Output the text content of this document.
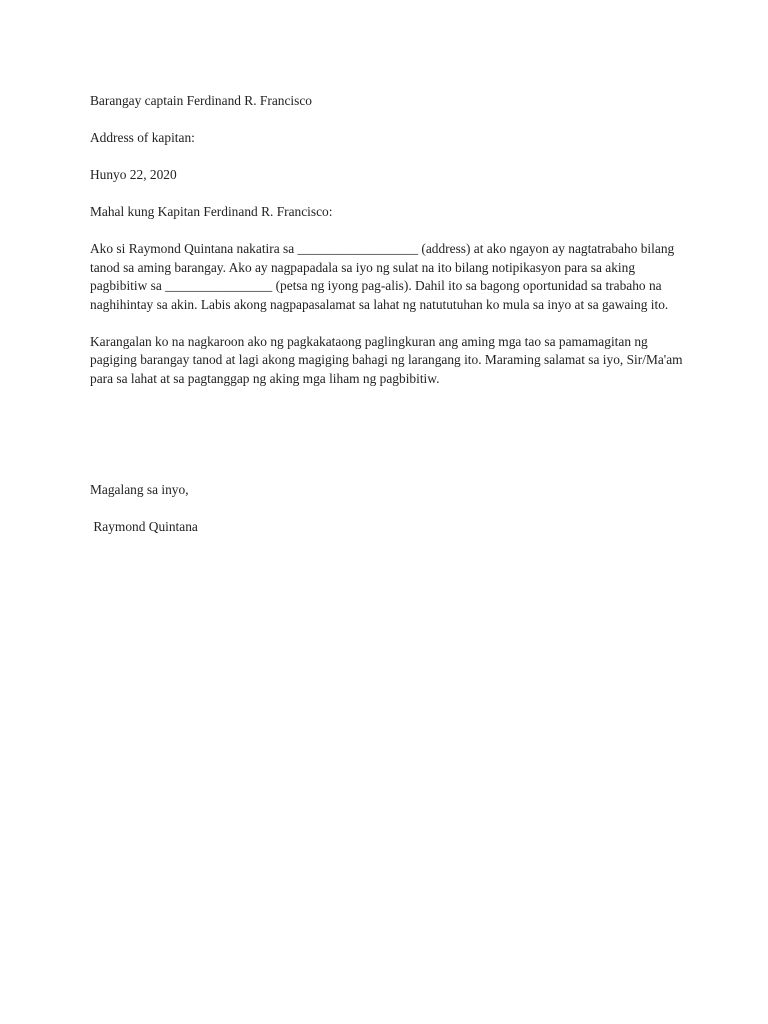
Barangay captain Ferdinand R. Francisco

Address of kapitan:

Hunyo 22, 2020

Mahal kung Kapitan Ferdinand R. Francisco:

Ako si Raymond Quintana nakatira sa __________________ (address) at ako ngayon ay nagtatrabaho bilang tanod sa aming barangay. Ako ay nagpapadala sa iyo ng sulat na ito bilang notipikasyon para sa aking pagbibitiw sa ________________ (petsa ng iyong pag-alis). Dahil ito sa bagong oportunidad sa trabaho na naghihintay sa akin. Labis akong nagpapasalamat sa lahat ng natututuhan ko mula sa inyo at sa gawaing ito.

Karangalan ko na nagkaroon ako ng pagkakataong paglingkuran ang aming mga tao sa pamamagitan ng pagiging barangay tanod at lagi akong magiging bahagi ng larangang ito. Maraming salamat sa iyo, Sir/Ma'am para sa lahat at sa pagtanggap ng aking mga liham ng pagbibitiw.

Magalang sa inyo,

Raymond Quintana
